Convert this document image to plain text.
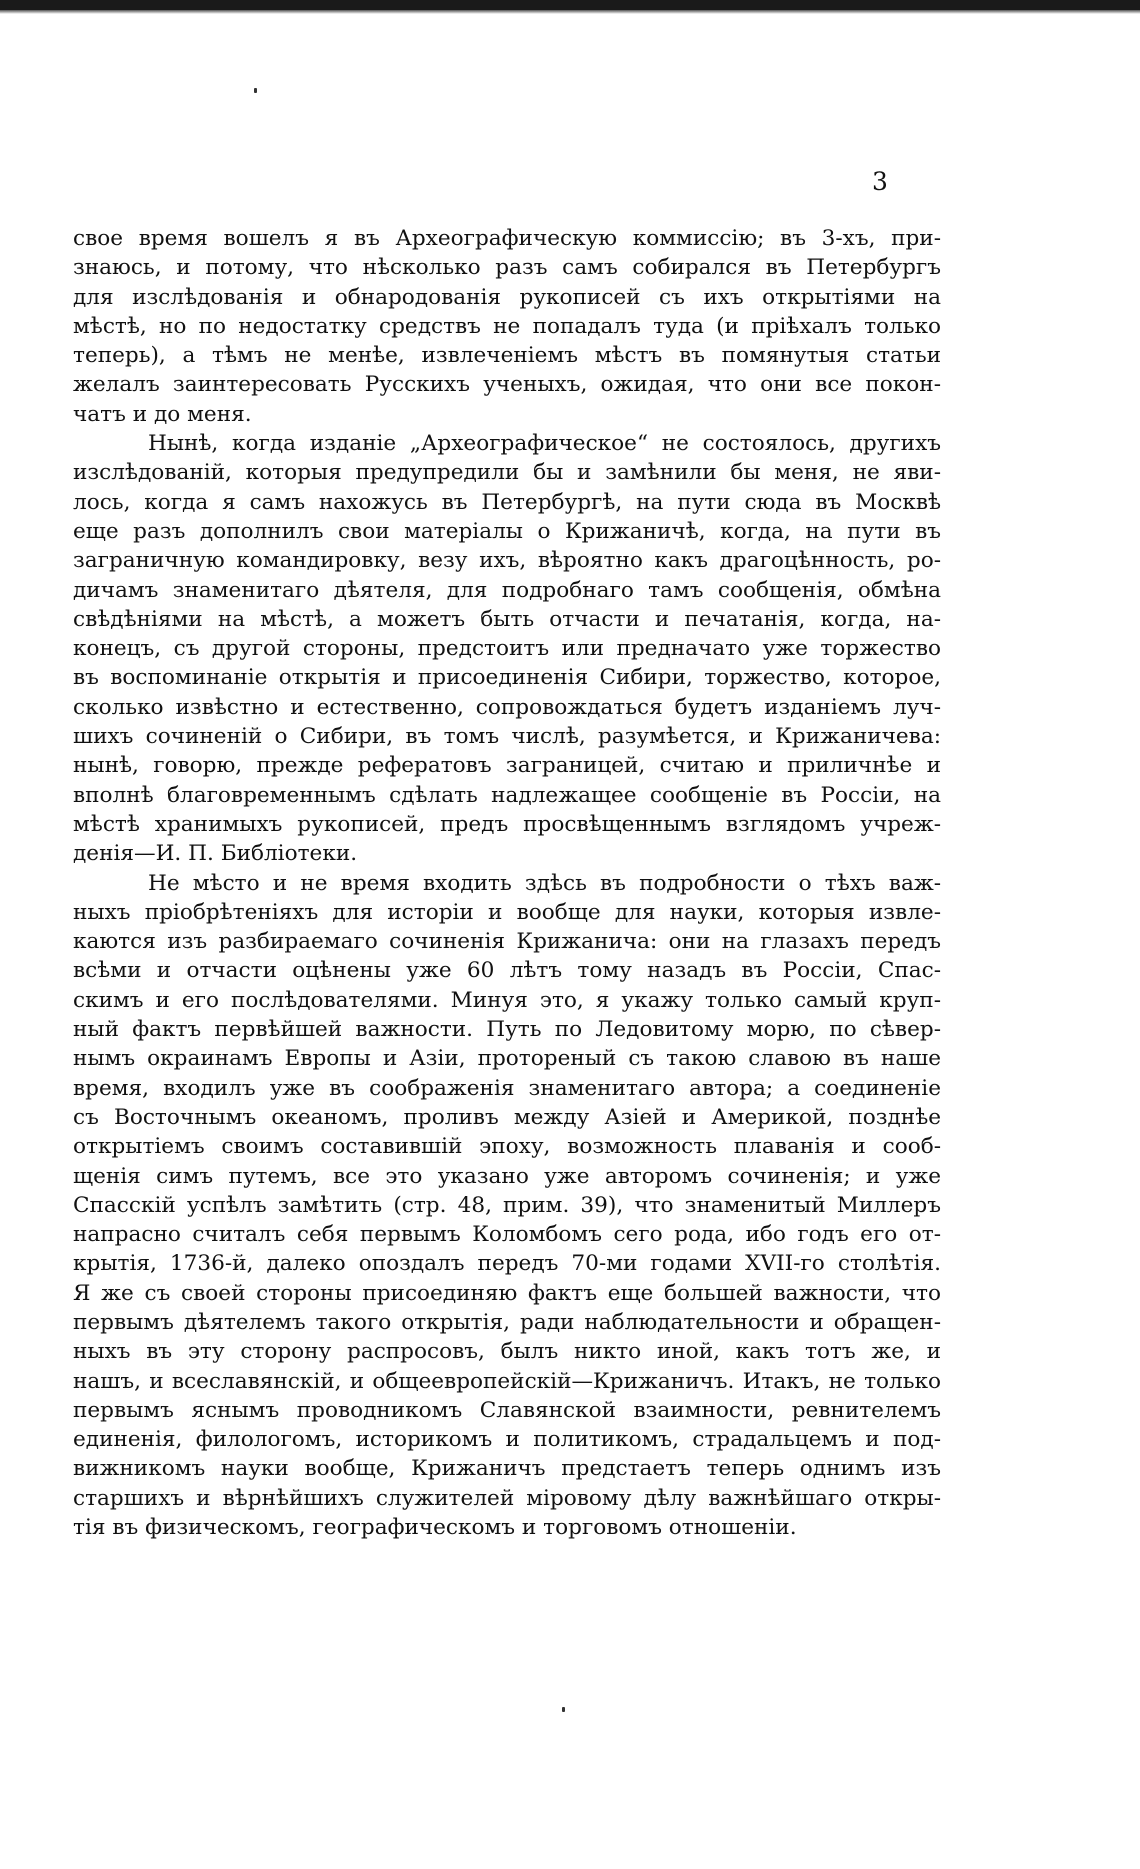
3

свое время вошелъ я въ Археографическую коммиссію; въ 3-хъ, при-
знаюсь, и потому, что нѣсколько разъ самъ собирался въ Петербургъ
для изслѣдованія и обнародованія рукописей съ ихъ открытіями на
мѣстѣ, но по недостатку средствъ не попадалъ туда (и пріѣхалъ только
теперь), а тѣмъ не менѣе, извлеченіемъ мѣстъ въ помянутыя статьи
желалъ заинтересовать Русскихъ ученыхъ, ожидая, что они все покон-
чатъ и до меня.
Нынѣ, когда изданіе „Археографическое“ не состоялось, другихъ
изслѣдованій, которыя предупредили бы и замѣнили бы меня, не яви-
лось, когда я самъ нахожусь въ Петербургѣ, на пути сюда въ Москвѣ
еще разъ дополнилъ свои матеріалы о Крижаничѣ, когда, на пути въ
заграничную командировку, везу ихъ, вѣроятно какъ драгоцѣнность, ро-
дичамъ знаменитаго дѣятеля, для подробнаго тамъ сообщенія, обмѣна
свѣдѣніями на мѣстѣ, а можетъ быть отчасти и печатанія, когда, на-
конецъ, съ другой стороны, предстоитъ или предначато уже торжество
въ воспоминаніе открытія и присоединенія Сибири, торжество, которое,
сколько извѣстно и естественно, сопровождаться будетъ изданіемъ луч-
шихъ сочиненій о Сибири, въ томъ числѣ, разумѣется, и Крижаничева:
нынѣ, говорю, прежде рефератовъ заграницей, считаю и приличнѣе и
вполнѣ благовременнымъ сдѣлать надлежащее сообщеніе въ Россіи, на
мѣстѣ хранимыхъ рукописей, предъ просвѣщеннымъ взглядомъ учреж-
денія—И. П. Библіотеки.
Не мѣсто и не время входить здѣсь въ подробности о тѣхъ важ-
ныхъ пріобрѣтеніяхъ для исторіи и вообще для науки, которыя извле-
каются изъ разбираемаго сочиненія Крижанича: они на глазахъ передъ
всѣми и отчасти оцѣнены уже 60 лѣтъ тому назадъ въ Россіи, Спас-
скимъ и его послѣдователями. Минуя это, я укажу только самый круп-
ный фактъ первѣйшей важности. Путь по Ледовитому морю, по сѣвер-
нымъ окраинамъ Европы и Азіи, протореный съ такою славою въ наше
время, входилъ уже въ соображенія знаменитаго автора; а соединеніе
съ Восточнымъ океаномъ, проливъ между Азіей и Америкой, позднѣе
открытіемъ своимъ составившій эпоху, возможность плаванія и сооб-
щенія симъ путемъ, все это указано уже авторомъ сочиненія; и уже
Спасскій успѣлъ замѣтить (стр. 48, прим. 39), что знаменитый Миллеръ
напрасно считалъ себя первымъ Коломбомъ сего рода, ибо годъ его от-
крытія, 1736-й, далеко опоздалъ передъ 70-ми годами XVII-го столѣтія.
Я же съ своей стороны присоединяю фактъ еще большей важности, что
первымъ дѣятелемъ такого открытія, ради наблюдательности и обращен-
ныхъ въ эту сторону распросовъ, былъ никто иной, какъ тотъ же, и
нашъ, и всеславянскій, и общеевропейскій—Крижаничъ. Итакъ, не только
первымъ яснымъ проводникомъ Славянской взаимности, ревнителемъ
единенія, филологомъ, историкомъ и политикомъ, страдальцемъ и под-
вижникомъ науки вообще, Крижаничъ предстаетъ теперь однимъ изъ
старшихъ и вѣрнѣйшихъ служителей міровому дѣлу важнѣйшаго откры-
тія въ физическомъ, географическомъ и торговомъ отношеніи.
